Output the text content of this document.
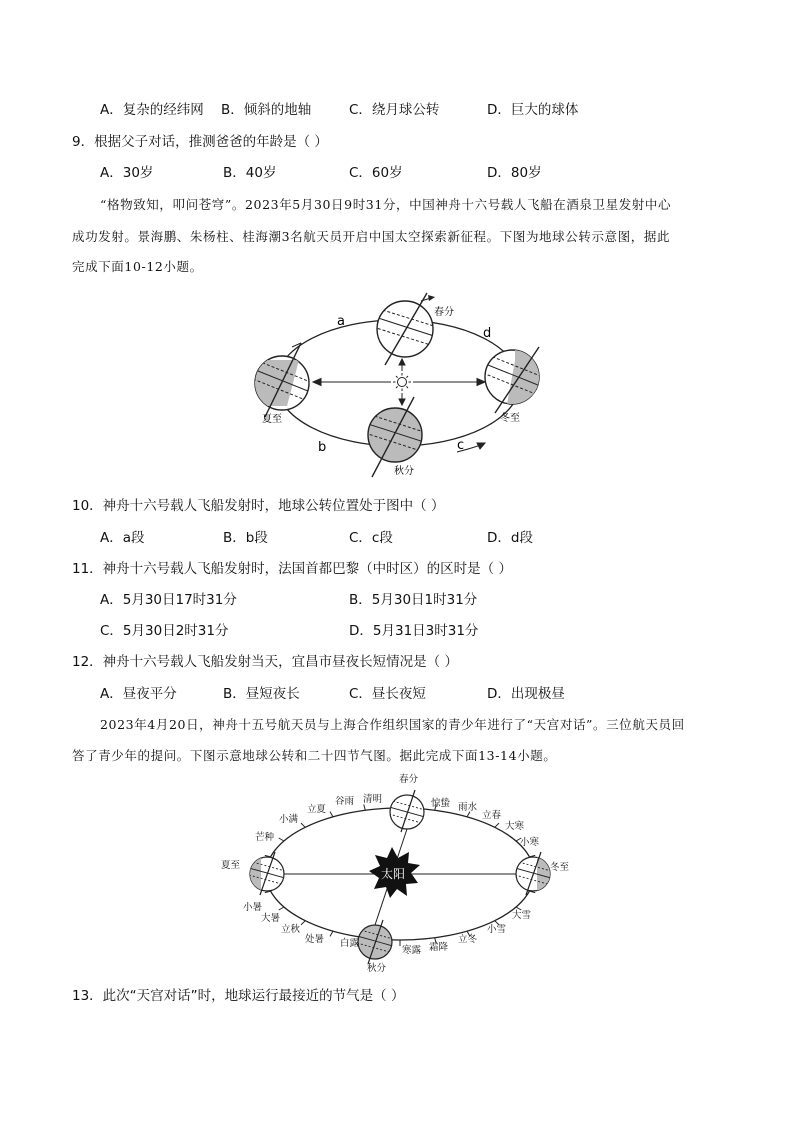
A．复杂的经纬网 B．倾斜的地轴	C．绕月球公转	D．巨大的球体
9．根据父子对话，推测爸爸的年龄是（ ）
A．30岁	B．40岁	C．60岁	D．80岁
“格物致知，叩问苍穹”。2023年5月30日9时31分，中国神舟十六号载人飞船在酒泉卫星发射中心
成功发射。景海鹏、朱杨柱、桂海潮3名航天员开启中国太空探索新征程。下图为地球公转示意图，据此
完成下面10-12小题。
a
b	c
d
春分
夏至
秋分
冬至
10．神舟十六号载人飞船发射时，地球公转位置处于图中（ ）
A．a段	B．b段	C．c段	D．d段
11．神舟十六号载人飞船发射时，法国首都巴黎（中时区）的区时是（ ）
A．5月30日17时31分	B．5月30日1时31分
C．5月30日2时31分	D．5月31日3时31分
12．神舟十六号载人飞船发射当天，宜昌市昼夜长短情况是（ ）
A．昼夜平分	B．昼短夜长	C．昼长夜短	D．出现极昼
2023年4月20日，神舟十五号航天员与上海合作组织国家的青少年进行了“天宫对话”。三位航天员回
答了青少年的提问。下图示意地球公转和二十四节气图。据此完成下面13-14小题。
太阳
春分
惊蛰 雨水
立春
大寒
小寒
冬至
大雪
小雪
立冬
霜降
寒露
秋分
白露
处暑
立秋
大暑
小暑
夏至
芒种
小满
立夏
谷雨 清明
13．此次“天宫对话”时，地球运行最接近的节气是（ ）
